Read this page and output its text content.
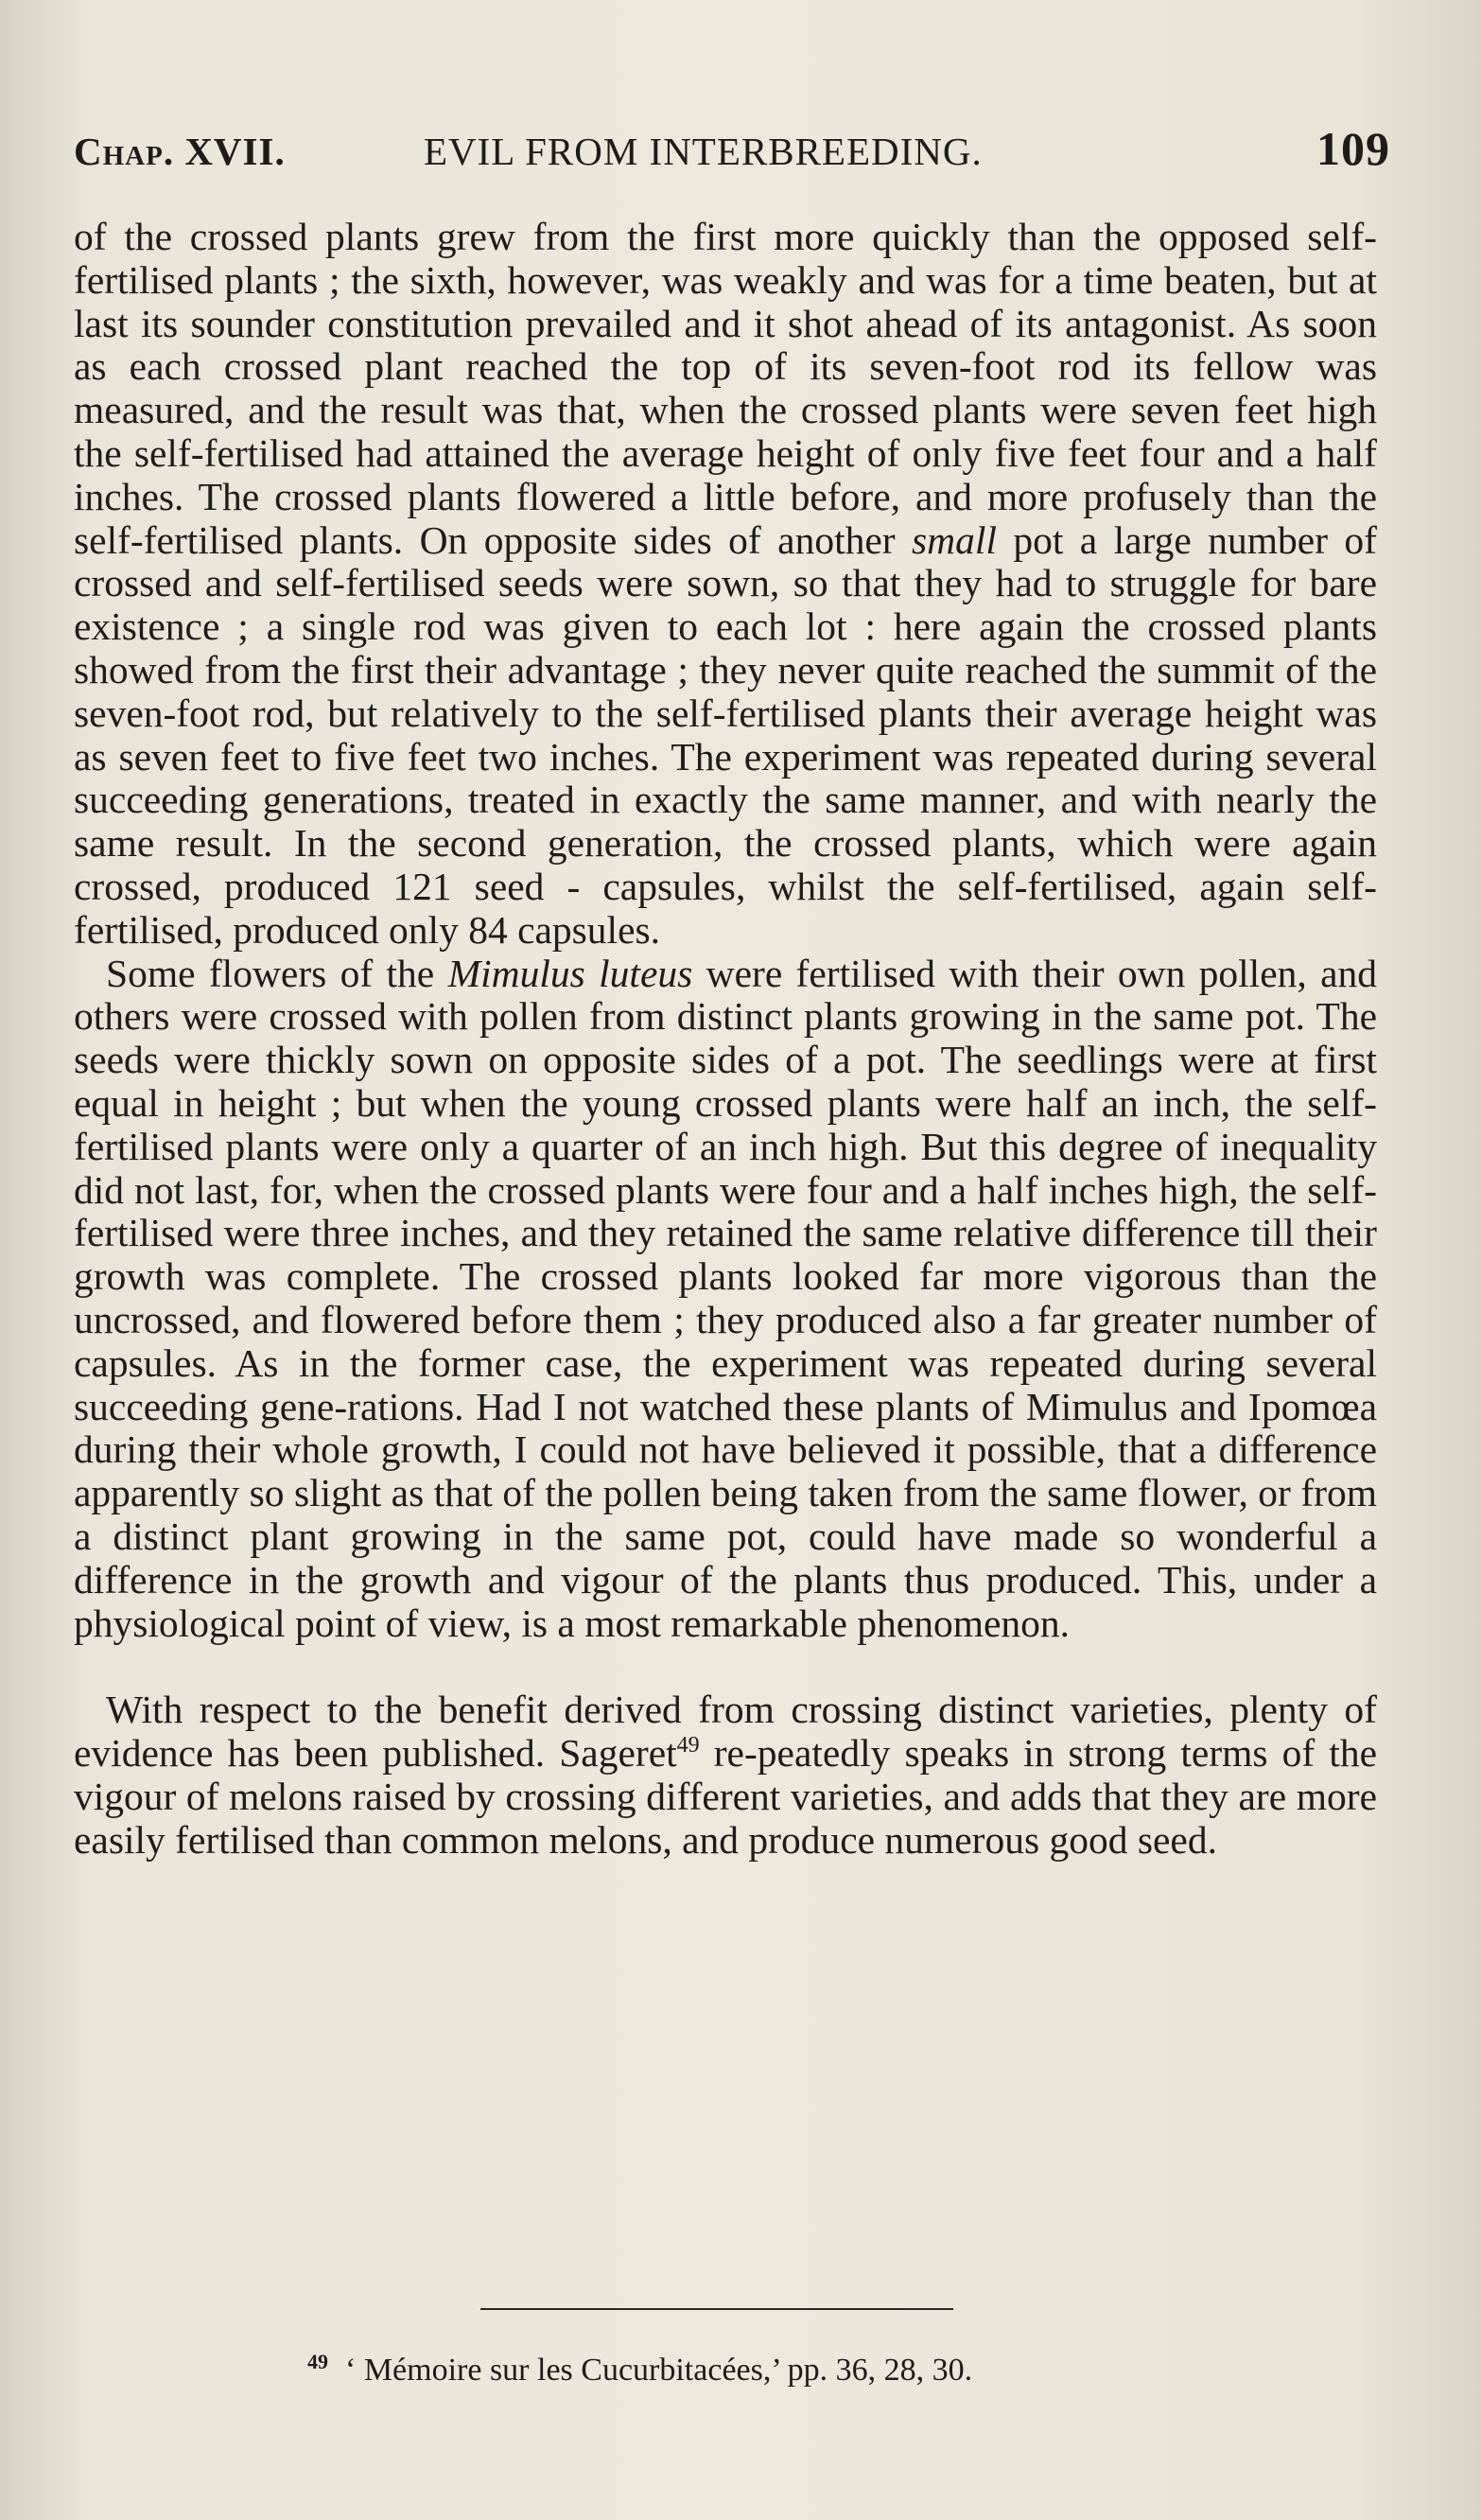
Chap. XVII.	EVIL FROM INTERBREEDING.	109

of the crossed plants grew from the first more quickly than the opposed self-fertilised plants ; the sixth, however, was weakly and was for a time beaten, but at last its sounder constitution prevailed and it shot ahead of its antagonist. As soon as each crossed plant reached the top of its seven-foot rod its fellow was measured, and the result was that, when the crossed plants were seven feet high the self-fertilised had attained the average height of only five feet four and a half inches. The crossed plants flowered a little before, and more profusely than the self-fertilised plants. On opposite sides of another small pot a large number of crossed and self-fertilised seeds were sown, so that they had to struggle for bare existence ; a single rod was given to each lot : here again the crossed plants showed from the first their advantage ; they never quite reached the summit of the seven-foot rod, but relatively to the self-fertilised plants their average height was as seven feet to five feet two inches. The experiment was repeated during several succeeding generations, treated in exactly the same manner, and with nearly the same result. In the second generation, the crossed plants, which were again crossed, produced 121 seed - capsules, whilst the self-fertilised, again self-fertilised, produced only 84 capsules.

Some flowers of the Mimulus luteus were fertilised with their own pollen, and others were crossed with pollen from distinct plants growing in the same pot. The seeds were thickly sown on opposite sides of a pot. The seedlings were at first equal in height ; but when the young crossed plants were half an inch, the self-fertilised plants were only a quarter of an inch high. But this degree of inequality did not last, for, when the crossed plants were four and a half inches high, the self-fertilised were three inches, and they retained the same relative difference till their growth was complete. The crossed plants looked far more vigorous than the uncrossed, and flowered before them ; they produced also a far greater number of capsules. As in the former case, the experiment was repeated during several succeeding gene-rations. Had I not watched these plants of Mimulus and Ipomœa during their whole growth, I could not have believed it possible, that a difference apparently so slight as that of the pollen being taken from the same flower, or from a distinct plant growing in the same pot, could have made so wonderful a difference in the growth and vigour of the plants thus produced. This, under a physiological point of view, is a most remarkable phenomenon.

With respect to the benefit derived from crossing distinct varieties, plenty of evidence has been published. Sageret$^{49}$ re-peatedly speaks in strong terms of the vigour of melons raised by crossing different varieties, and adds that they are more easily fertilised than common melons, and produce numerous good seed.

$^{49}$ ‘ Mémoire sur les Cucurbitacées,’ pp. 36, 28, 30.
